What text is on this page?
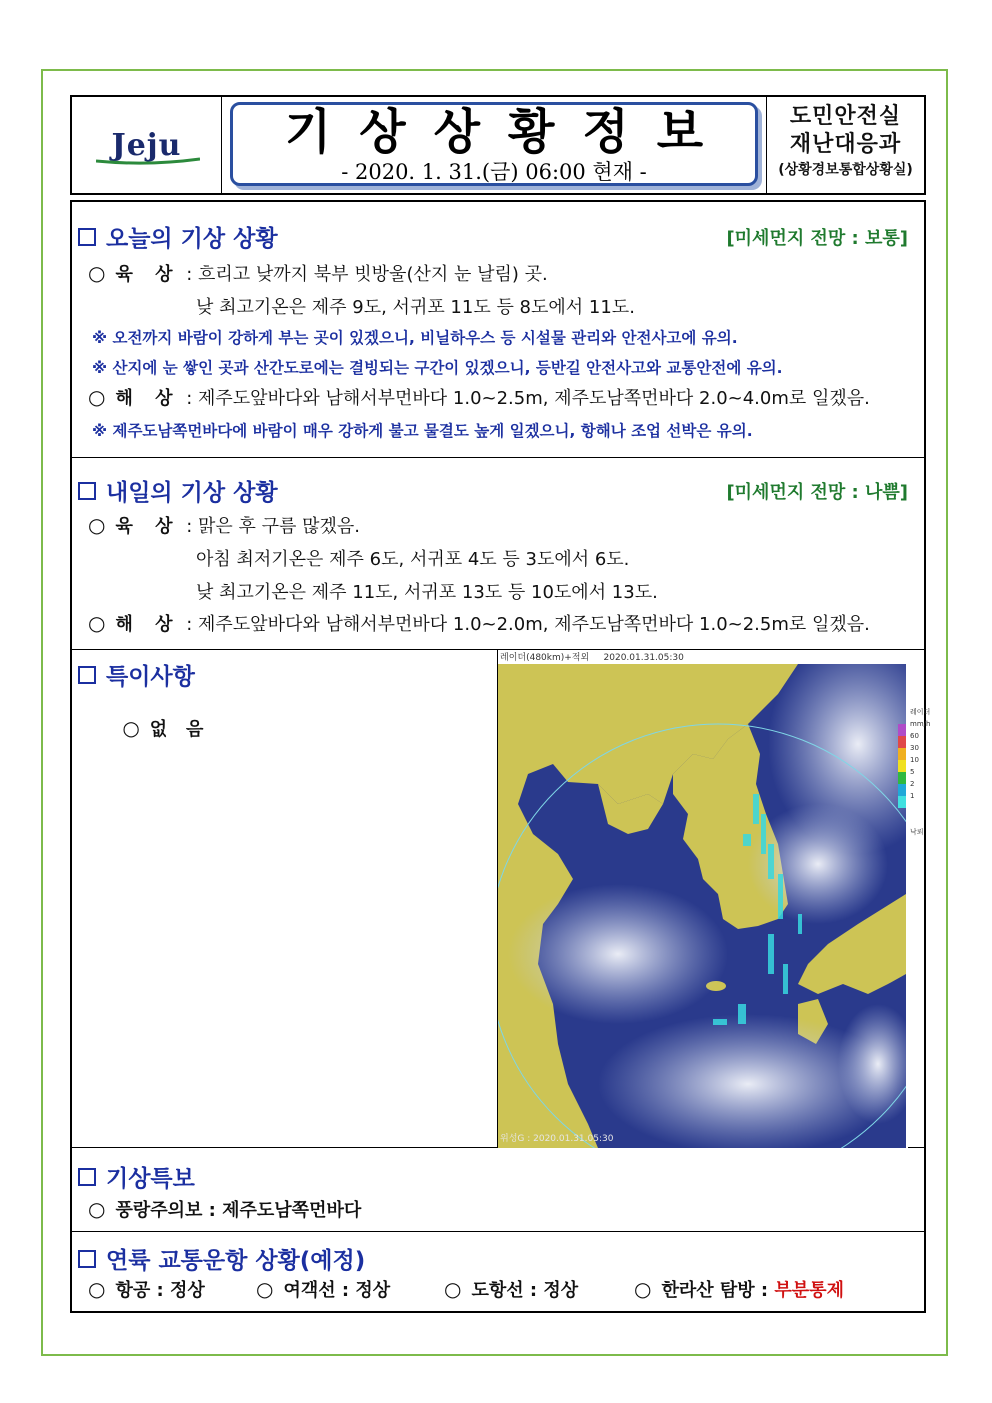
Jeju	기상상황정보
- 2020. 1. 31.(금) 06:00 현재 -
도민안전실
재난대응과
(상황경보통합상황실)
오늘의 기상 상황	[미세먼지 전망 : 보통]
○ 육 상 : 흐리고 낮까지 북부 빗방울(산지 눈 날림) 곳.
낮 최고기온은 제주 9도, 서귀포 11도 등 8도에서 11도.
※ 오전까지 바람이 강하게 부는 곳이 있겠으니, 비닐하우스 등 시설물 관리와 안전사고에 유의.
※ 산지에 눈 쌓인 곳과 산간도로에는 결빙되는 구간이 있겠으니, 등반길 안전사고와 교통안전에 유의.
○ 해 상 : 제주도앞바다와 남해서부먼바다 1.0~2.5m, 제주도남쪽먼바다 2.0~4.0m로 일겠음.
※ 제주도남쪽먼바다에 바람이 매우 강하게 불고 물결도 높게 일겠으니, 항해나 조업 선박은 유의.
내일의 기상 상황	[미세먼지 전망 : 나쁨]
○ 육 상 : 맑은 후 구름 많겠음.
아침 최저기온은 제주 6도, 서귀포 4도 등 3도에서 6도.
낮 최고기온은 제주 11도, 서귀포 13도 등 10도에서 13도.
○ 해 상 : 제주도앞바다와 남해서부먼바다 1.0~2.0m, 제주도남쪽먼바다 1.0~2.5m로 일겠음.
특이사항

○ 없   음

레이더(480km)+적외 2020.01.31.05:30
레이더
mm/h
60
30
10
5
2
1
낙뢰
위성G : 2020.01.31.05:30
기상특보
○ 풍랑주의보 : 제주도남쪽먼바다
연륙 교통운항 상황(예정)
○ 항공 : 정상	○ 여객선 : 정상	○ 도항선 : 정상	○ 한라산 탐방 : 부분통제
